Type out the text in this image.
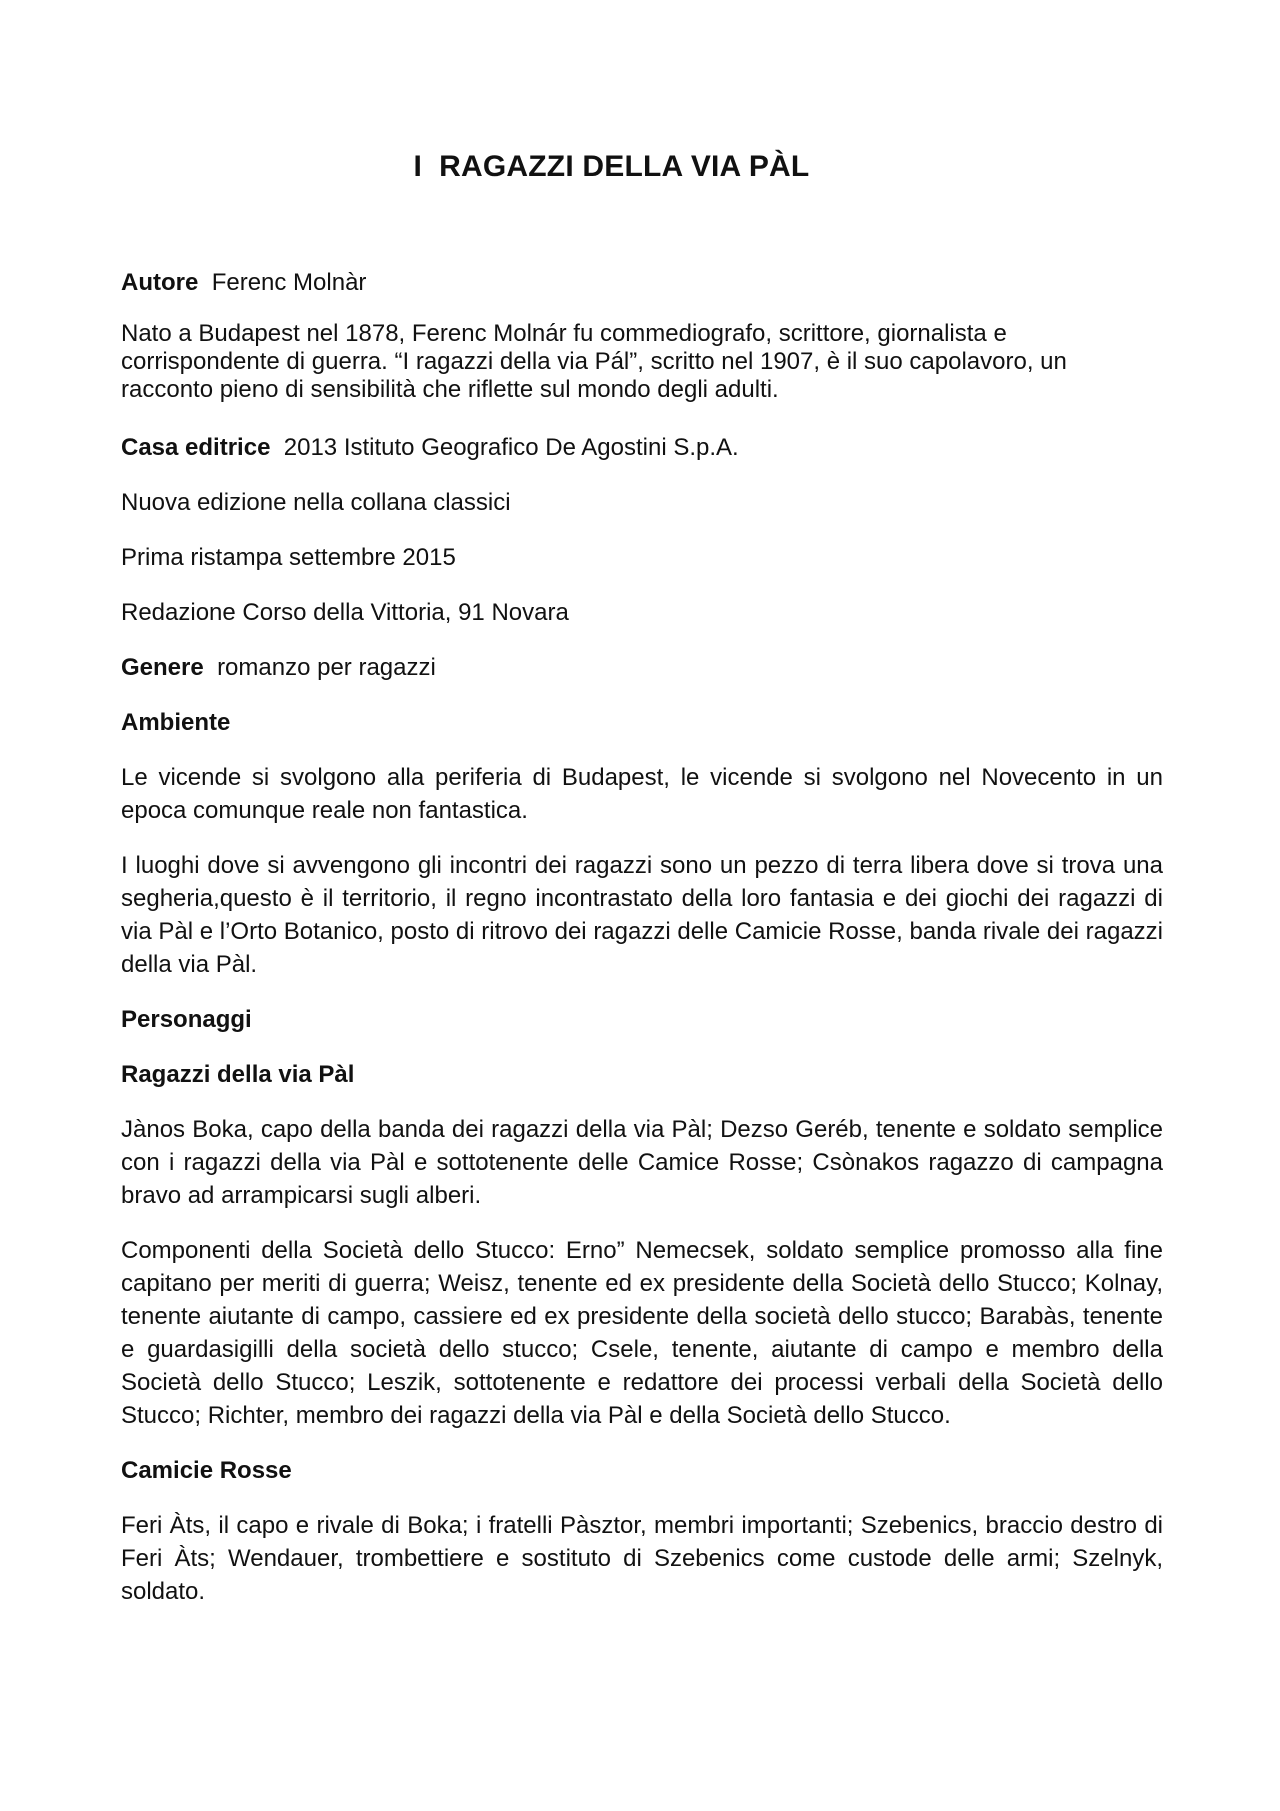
I  RAGAZZI DELLA VIA PÀL

Autore Ferenc Molnàr

Nato a Budapest nel 1878, Ferenc Molnár fu commediografo, scrittore, giornalista e corrispondente di guerra. “I ragazzi della via Pál”, scritto nel 1907, è il suo capolavoro, un racconto pieno di sensibilità che riflette sul mondo degli adulti.

Casa editrice 2013 Istituto Geografico De Agostini S.p.A.

Nuova edizione nella collana classici

Prima ristampa settembre 2015

Redazione Corso della Vittoria, 91 Novara

Genere romanzo per ragazzi

Ambiente

Le vicende si svolgono alla periferia di Budapest, le vicende si svolgono nel Novecento in un epoca comunque reale non fantastica.

I luoghi dove si avvengono gli incontri dei ragazzi sono un pezzo di terra libera dove si trova una segheria,questo è il territorio, il regno incontrastato della loro fantasia e dei giochi dei ragazzi di via Pàl e l’Orto Botanico, posto di ritrovo dei ragazzi delle Camicie Rosse, banda rivale dei ragazzi della via Pàl.

Personaggi

Ragazzi della via Pàl

Jànos Boka, capo della banda dei ragazzi della via Pàl; Dezso Geréb, tenente e soldato semplice con i ragazzi della via Pàl e sottotenente delle Camice Rosse; Csònakos ragazzo di campagna bravo ad arrampicarsi sugli alberi.

Componenti della Società dello Stucco: Erno” Nemecsek, soldato semplice promosso alla fine capitano per meriti di guerra; Weisz, tenente ed ex presidente della Società dello Stucco; Kolnay, tenente aiutante di campo, cassiere ed ex presidente della società dello stucco; Barabàs, tenente e guardasigilli della società dello stucco; Csele, tenente, aiutante di campo e membro della Società dello Stucco; Leszik, sottotenente e redattore dei processi verbali della Società dello Stucco; Richter, membro dei ragazzi della via Pàl e della Società dello Stucco.

Camicie Rosse

Feri Àts, il capo e rivale di Boka; i fratelli Pàsztor, membri importanti; Szebenics, braccio destro di Feri Àts; Wendauer, trombettiere e sostituto di Szebenics come custode delle armi; Szelnyk, soldato.
